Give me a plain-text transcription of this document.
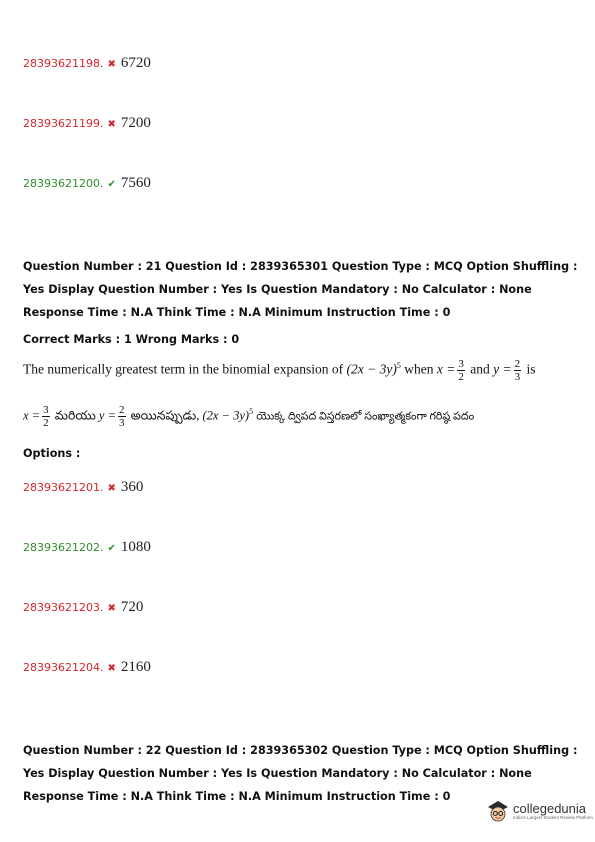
28393621198. ✖ 6720
28393621199. ✖ 7200
28393621200. ✔ 7560
Question Number : 21 Question Id : 2839365301 Question Type : MCQ Option Shuffling : Yes Display Question Number : Yes Is Question Mandatory : No Calculator : None Response Time : N.A Think Time : N.A Minimum Instruction Time : 0
Correct Marks : 1 Wrong Marks : 0
The numerically greatest term in the binomial expansion of $(2x - 3y)^5$ when $x = \frac{3}{2}$ and $y = \frac{2}{3}$ is
$x = \frac{3}{2}$ మరియు $y = \frac{2}{3}$ అయినప్పుడు, $(2x - 3y)^5$ యొక్క ద్విపద విస్తరణలో సంఖ్యాత్మకంగా గరిష్ఠ పదం
Options :
28393621201. ✖ 360
28393621202. ✔ 1080
28393621203. ✖ 720
28393621204. ✖ 2160
Question Number : 22 Question Id : 2839365302 Question Type : MCQ Option Shuffling : Yes Display Question Number : Yes Is Question Mandatory : No Calculator : None Response Time : N.A Think Time : N.A Minimum Instruction Time : 0
collegedunia
India's Largest Student Review Platform
